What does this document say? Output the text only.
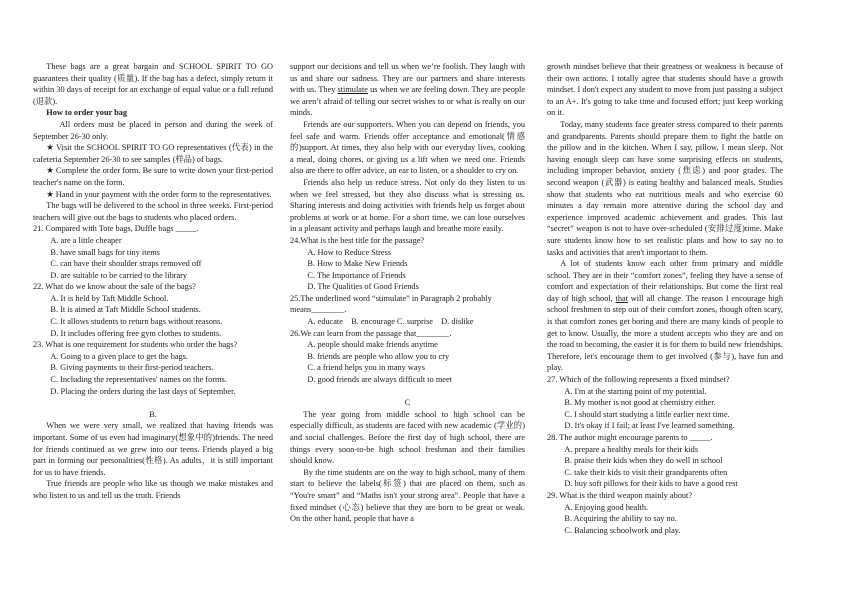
These bags are a great bargain and SCHOOL SPIRIT TO GO guarantees their quality (质量). If the bag has a defect, simply return it within 30 days of receipt for an exchange of equal value or a full refund (退款).

How to order your bag

All orders must be placed in person and during the week of September 26-30 only.

★ Visit the SCHOOL SPIRIT TO GO representatives (代表) in the cafeteria September 26-30 to see samples (样品) of bags.

★ Complete the order form. Be sure to write down your first-period teacher's name on the form.

★ Hand in your payment with the order form to the representatives.

The bags will be delivered to the school in three weeks. First-period teachers will give out the bags to students who placed orders.

21. Compared with Tote bags, Duffle bags _____.

A. are a little cheaper

B. have small bags for tiny items

C. can have their shoulder straps removed off

D. are suitable to be carried to the library

22. What do we know about the sale of the bags?

A. It is held by Taft Middle School.

B. It is aimed at Taft Middle School students.

C. It allows students to return bags without reasons.

D. It includes offering free gym clothes to students.

23. What is one requirement for students who order the bags?

A. Going to a given place to get the bags.

B. Giving payments to their first-period teachers.

C. Including the representatives' names on the forms.

D. Placing the orders during the last days of September.

B.

When we were very small, we realized that having friends was important. Some of us even had imaginary(想象中的)friends. The need for friends continued as we grew into our teens. Friends played a big part in forming our personalities(性格). As adults，it is still important for us to have friends.

True friends are people who like us though we make mistakes and who listen to us and tell us the truth. Friends

support our decisions and tell us when we’re foolish. They laugh with us and share our sadness. They are our partners and share interests with us. They stimulate us when we are feeling down. They are people we aren’t afraid of telling our secret wishes to or what is really on our minds.

Friends are our supporters. When you can depend on friends, you feel safe and warm. Friends offer acceptance and emotional(情感的)support. At times, they also help with our everyday lives, cooking a meal, doing chores, or giving us a lift when we need one. Friends also are there to offer advice, an ear to listen, or a shoulder to cry on.

Friends also help us reduce stress. Not only do they listen to us when we feel stressed, but they also discuss what is stressing us. Sharing interests and doing activities with friends help us forget about problems at work or at home. For a short time, we can lose ourselves in a pleasant activity and perhaps laugh and breathe more easily.

24.What is the best title for the passage?

A. How to Reduce Stress

B. How to Make New Friends

C. The Importance of Friends

D. The Qualities of Good Friends

25.The underlined word “stimulate” in Paragraph 2 probably means________.

A. educate    B. encourage C. surprise    D. dislike

26.We can learn from the passage that________.

A. people should make friends anytime

B. friends are people who allow you to cry

C. a friend helps you in many ways

D. good friends are always difficult to meet

C

The year going from middle school to high school can be especially difficult, as students are faced with new academic (学业的) and social challenges. Before the first day of high school, there are things every soon-to-be high school freshman and their families should know.

By the time students are on the way to high school, many of them start to believe the labels(标签) that are placed on them, such as “You're smart” and “Maths isn't your strong area”. People that have a fixed mindset (心态) believe that they are born to be great or weak. On the other hand, people that have a

growth mindset believe that their greatness or weakness is because of their own actions. I totally agree that students should have a growth mindset. I don't expect any student to move from just passing a subject to an A+. It's going to take time and focused effort; just keep working on it.

Today, many students face greater stress compared to their parents and grandparents. Parents should prepare them to fight the battle on the pillow and in the kitchen. When I say, pillow, I mean sleep. Not having enough sleep can have some surprising effects on students, including improper behavior, anxiety (焦虑) and poor grades. The second weapon (武器) is eating healthy and balanced meals. Studies show that students who eat nutritious meals and who exercise 60 minutes a day remain more attentive during the school day and experience improved academic achievement and grades. This last “secret” weapon is not to have over-scheduled (安排过度)time. Make sure students know how to set realistic plans and how to say no to tasks and activities that aren't important to them.

A lot of students know each other from primary and middle school. They are in their “comfort zones”, feeling they have a sense of comfort and expectation of their relationships. But come the first real day of high school, that will all change. The reason I encourage high school freshmen to step out of their comfort zones, though often scary, is that comfort zones get boring and there are many kinds of people to get to know. Usually, the more a student accepts who they are and on the road to becoming, the easier it is for them to build new friendships. Therefore, let's encourage them to get involved (参与), have fun and play.

27. Which of the following represents a fixed mindset?

A. I'm at the starting point of my potential.

B. My mother is not good at chemistry either.

C. I should start studying a little earlier next time.

D. It's okay if I fail; at least I've learned something.

28. The author might encourage parents to _____.

A. prepare a healthy meals for their kids

B. praise their kids when they do well in school

C. take their kids to visit their grandparents often

D. buy soft pillows for their kids to have a good rest

29. What is the third weapon mainly about?

A. Enjoying good health.

B. Acquiring the ability to say no.

C. Balancing schoolwork and play.
